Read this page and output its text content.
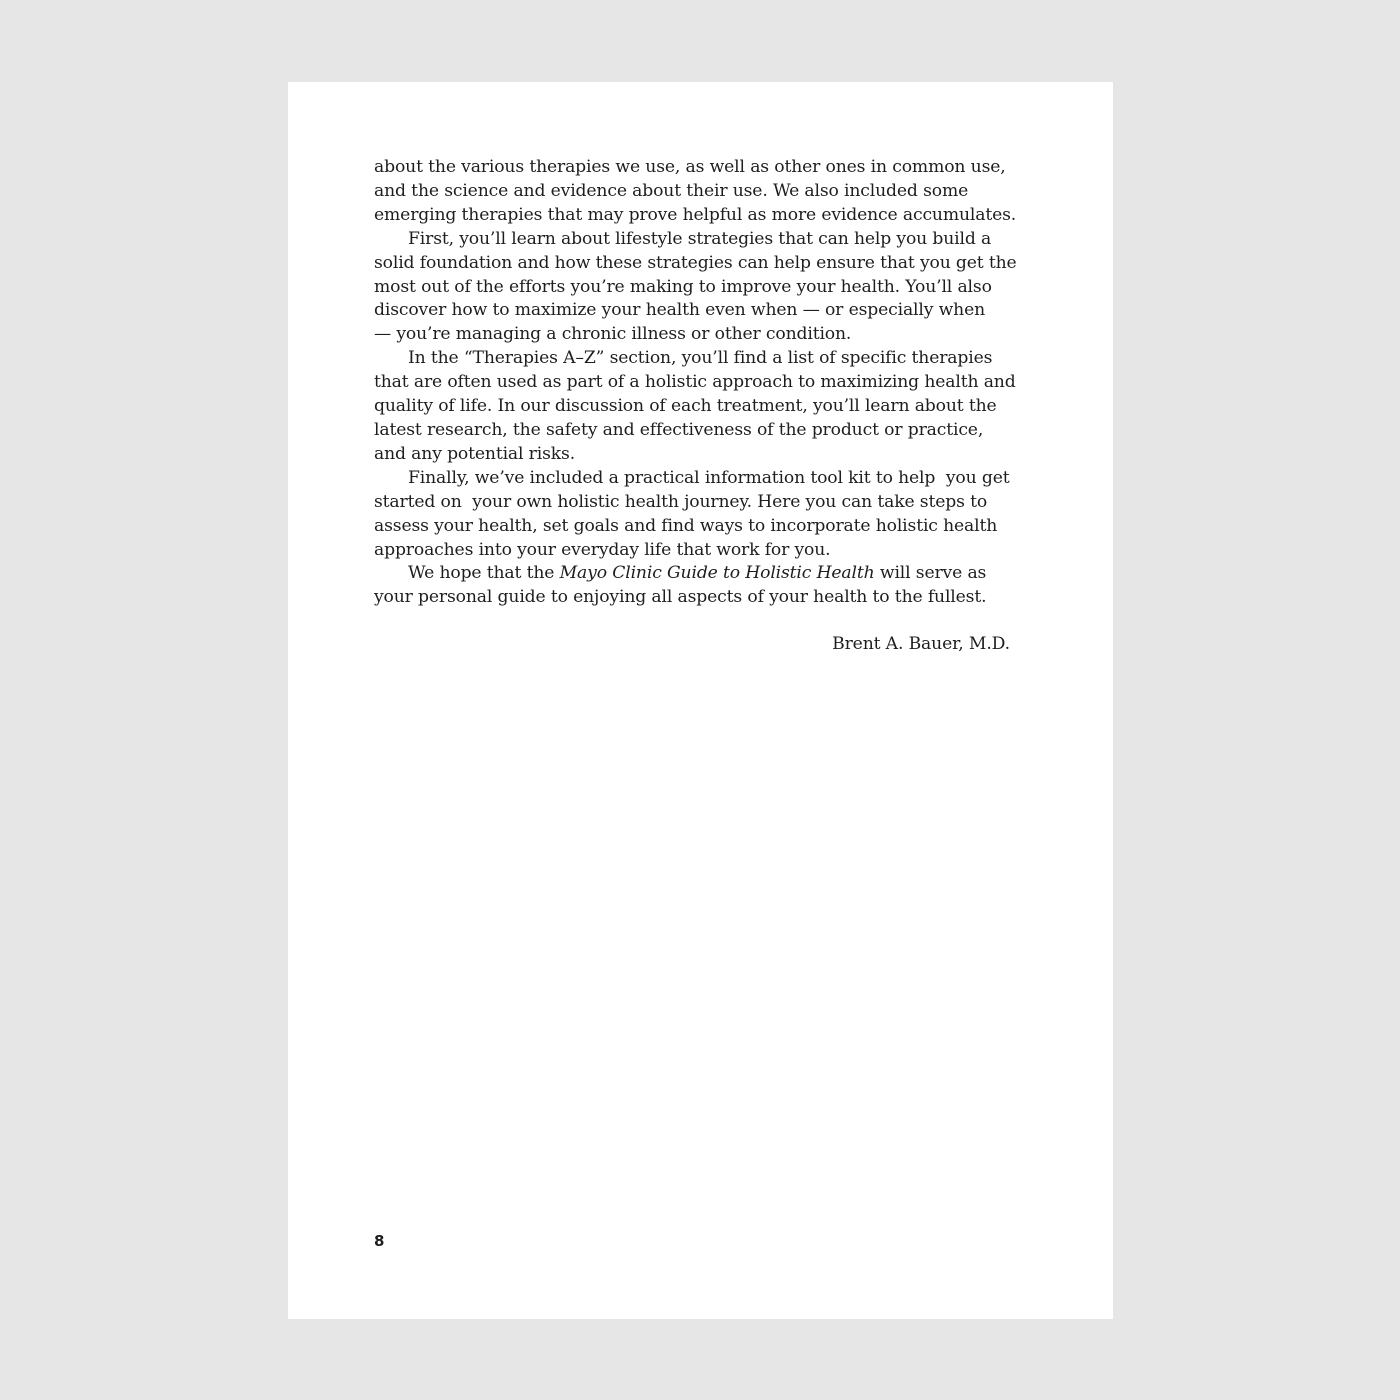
about the various therapies we use, as well as other ones in common use,
and the science and evidence about their use. We also included some
emerging therapies that may prove helpful as more evidence accumulates.
First, you’ll learn about lifestyle strategies that can help you build a
solid foundation and how these strategies can help ensure that you get the
most out of the efforts you’re making to improve your health. You’ll also
discover how to maximize your health even when — or especially when
— you’re managing a chronic illness or other condition.
In the “Therapies A–Z” section, you’ll find a list of specific therapies
that are often used as part of a holistic approach to maximizing health and
quality of life. In our discussion of each treatment, you’ll learn about the
latest research, the safety and effectiveness of the product or practice,
and any potential risks.
Finally, we’ve included a practical information tool kit to help  you get
started on  your own holistic health journey. Here you can take steps to
assess your health, set goals and find ways to incorporate holistic health
approaches into your everyday life that work for you.
We hope that the Mayo Clinic Guide to Holistic Health will serve as
your personal guide to enjoying all aspects of your health to the fullest.
Brent A. Bauer, M.D.
8
